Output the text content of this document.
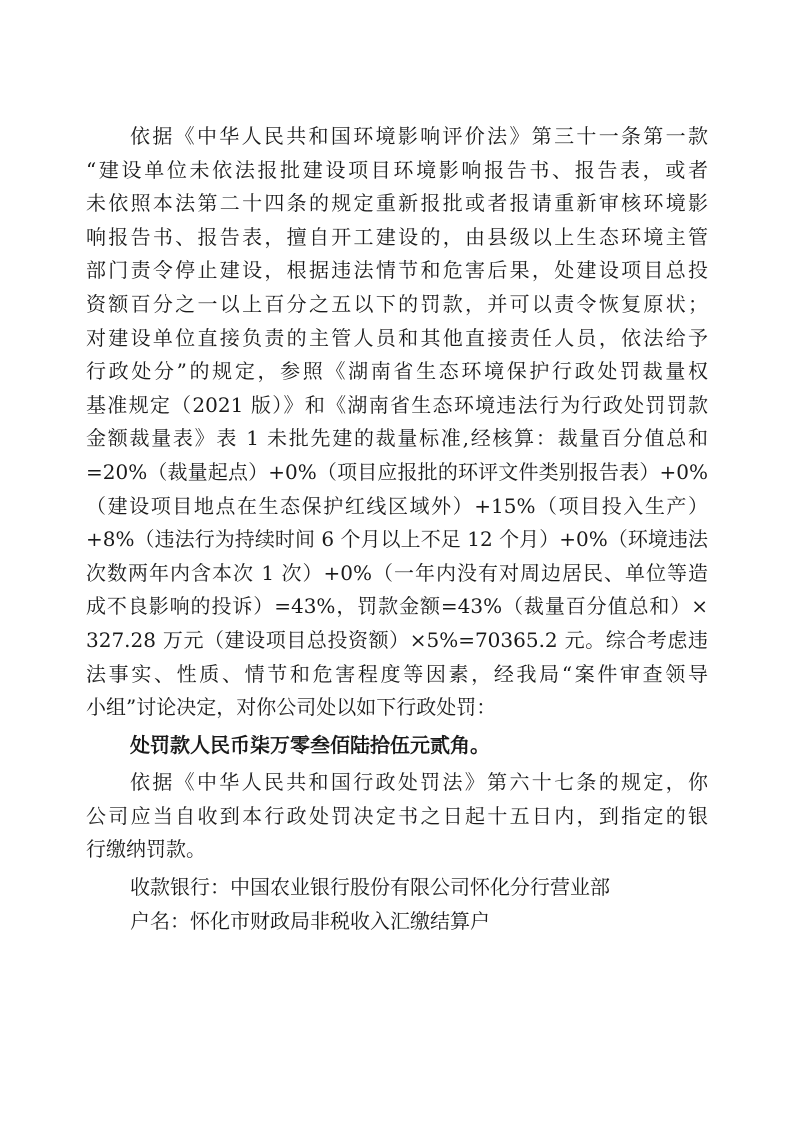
依据《中华人民共和国环境影响评价法》第三十一条第一款
“建设单位未依法报批建设项目环境影响报告书、报告表，或者
未依照本法第二十四条的规定重新报批或者报请重新审核环境影
响报告书、报告表，擅自开工建设的，由县级以上生态环境主管
部门责令停止建设，根据违法情节和危害后果，处建设项目总投
资额百分之一以上百分之五以下的罚款，并可以责令恢复原状；
对建设单位直接负责的主管人员和其他直接责任人员，依法给予
行政处分”的规定，参照《湖南省生态环境保护行政处罚裁量权
基准规定（2021 版）》和《湖南省生态环境违法行为行政处罚罚款
金额裁量表》表 1 未批先建的裁量标准,经核算：裁量百分值总和
=20%（裁量起点）+0%（项目应报批的环评文件类别报告表）+0%
（建设项目地点在生态保护红线区域外）+15%（项目投入生产）
+8%（违法行为持续时间 6 个月以上不足 12 个月）+0%（环境违法
次数两年内含本次 1 次）+0%（一年内没有对周边居民、单位等造
成不良影响的投诉）=43%，罚款金额=43%（裁量百分值总和）×
327.28 万元（建设项目总投资额）×5%=70365.2 元。综合考虑违
法事实、性质、情节和危害程度等因素，经我局“案件审查领导
小组”讨论决定，对你公司处以如下行政处罚：

处罚款人民币柒万零叁佰陆拾伍元贰角。

依据《中华人民共和国行政处罚法》第六十七条的规定，你
公司应当自收到本行政处罚决定书之日起十五日内，到指定的银
行缴纳罚款。

收款银行：中国农业银行股份有限公司怀化分行营业部

户名：怀化市财政局非税收入汇缴结算户
